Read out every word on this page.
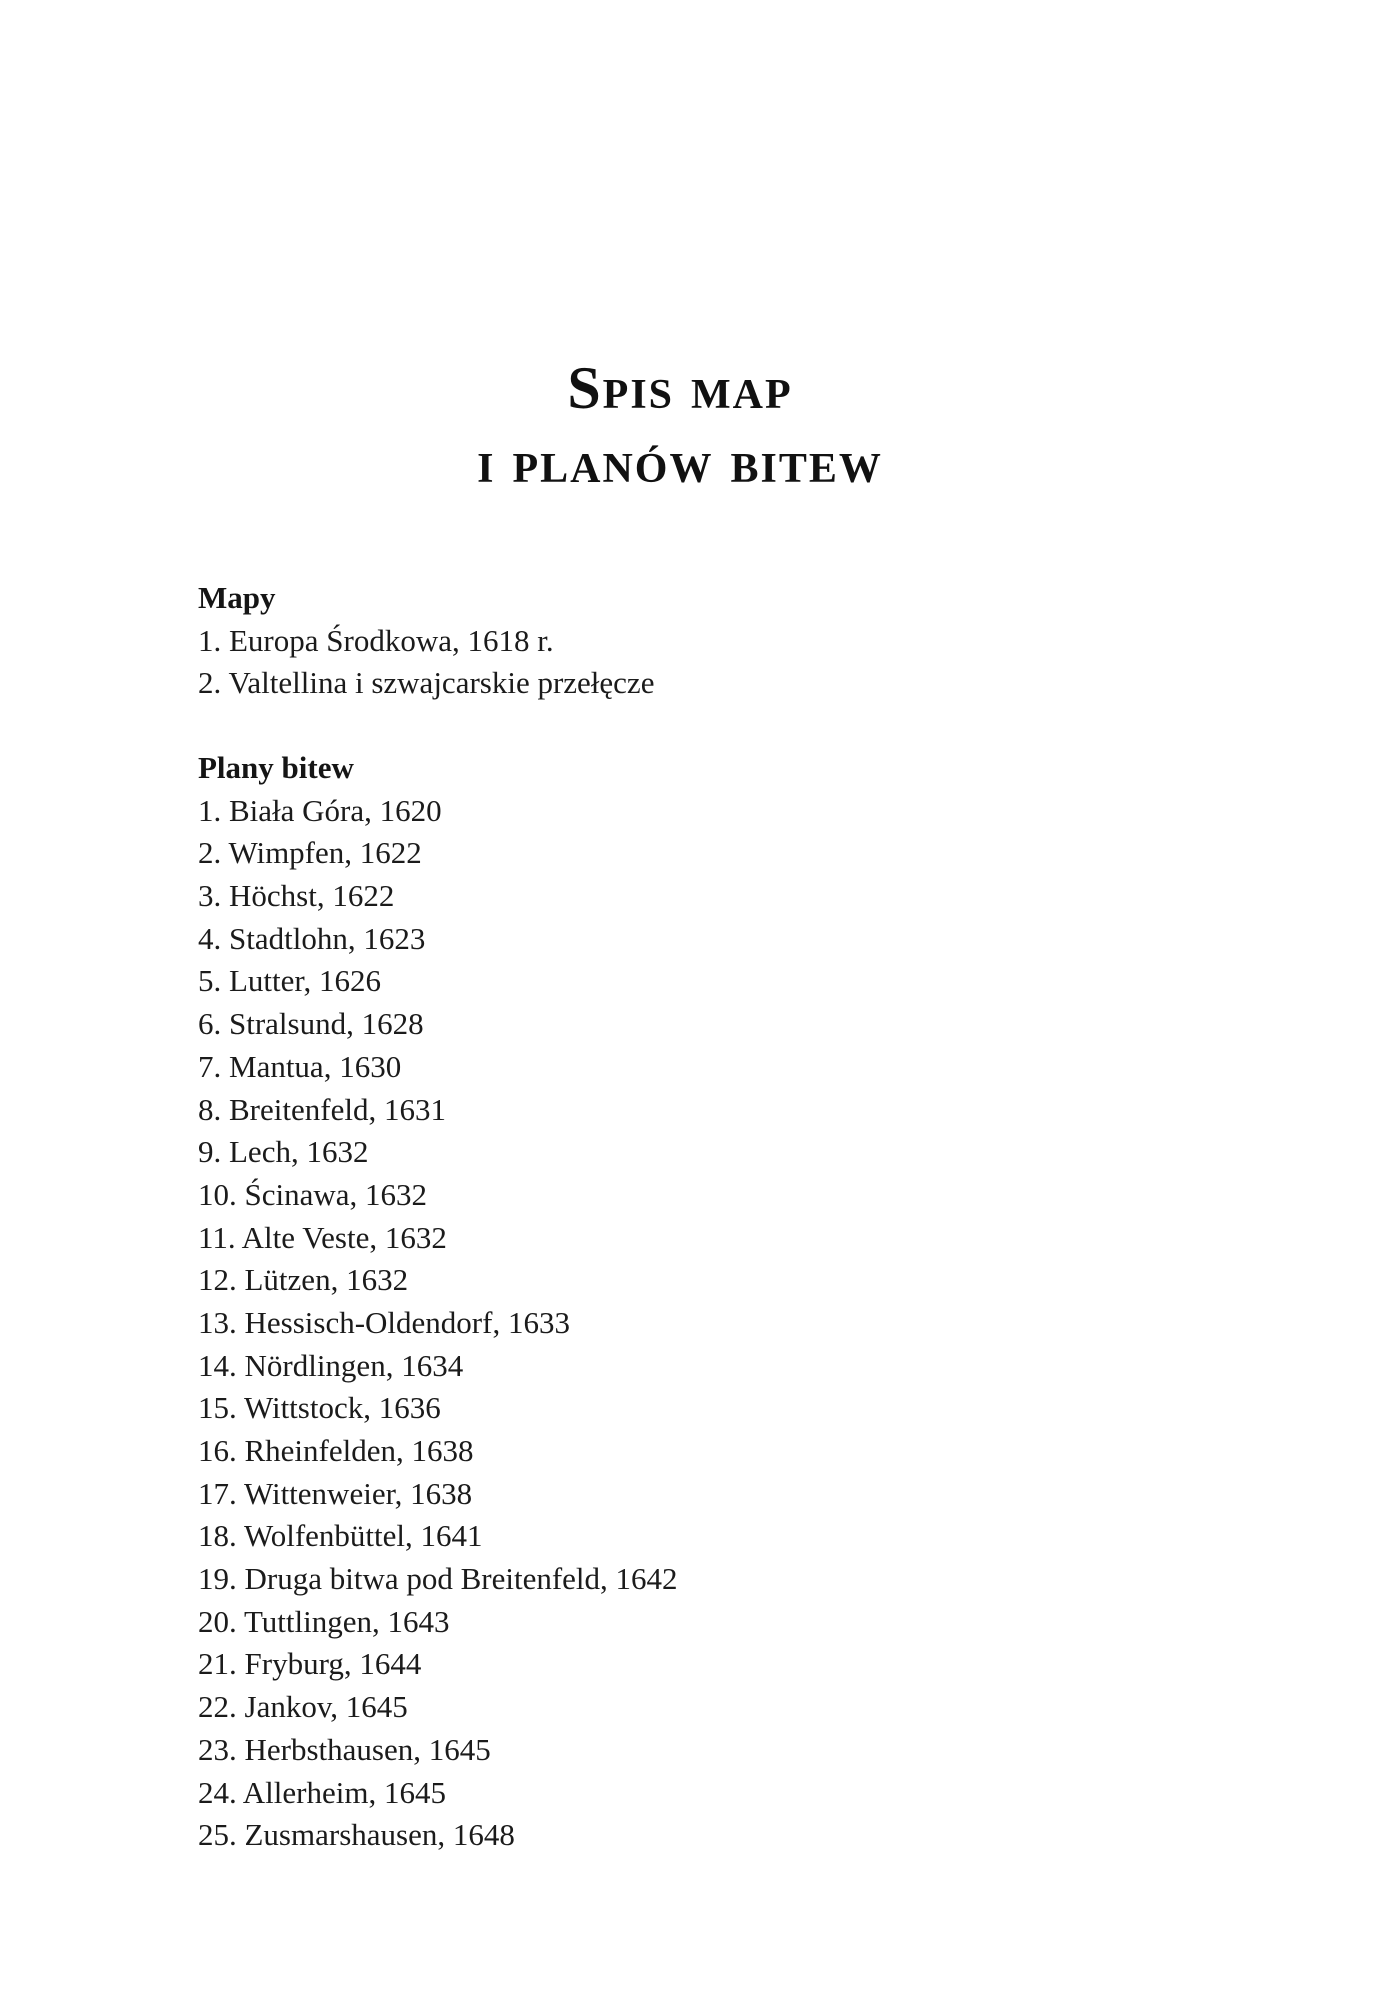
Spis map
i planów bitew
Mapy
1. Europa Środkowa, 1618 r.
2. Valtellina i szwajcarskie przełęcze
Plany bitew
1. Biała Góra, 1620
2. Wimpfen, 1622
3. Höchst, 1622
4. Stadtlohn, 1623
5. Lutter, 1626
6. Stralsund, 1628
7. Mantua, 1630
8. Breitenfeld, 1631
9. Lech, 1632
10. Ścinawa, 1632
11. Alte Veste, 1632
12. Lützen, 1632
13. Hessisch-Oldendorf, 1633
14. Nördlingen, 1634
15. Wittstock, 1636
16. Rheinfelden, 1638
17. Wittenweier, 1638
18. Wolfenbüttel, 1641
19. Druga bitwa pod Breitenfeld, 1642
20. Tuttlingen, 1643
21. Fryburg, 1644
22. Jankov, 1645
23. Herbsthausen, 1645
24. Allerheim, 1645
25. Zusmarshausen, 1648
